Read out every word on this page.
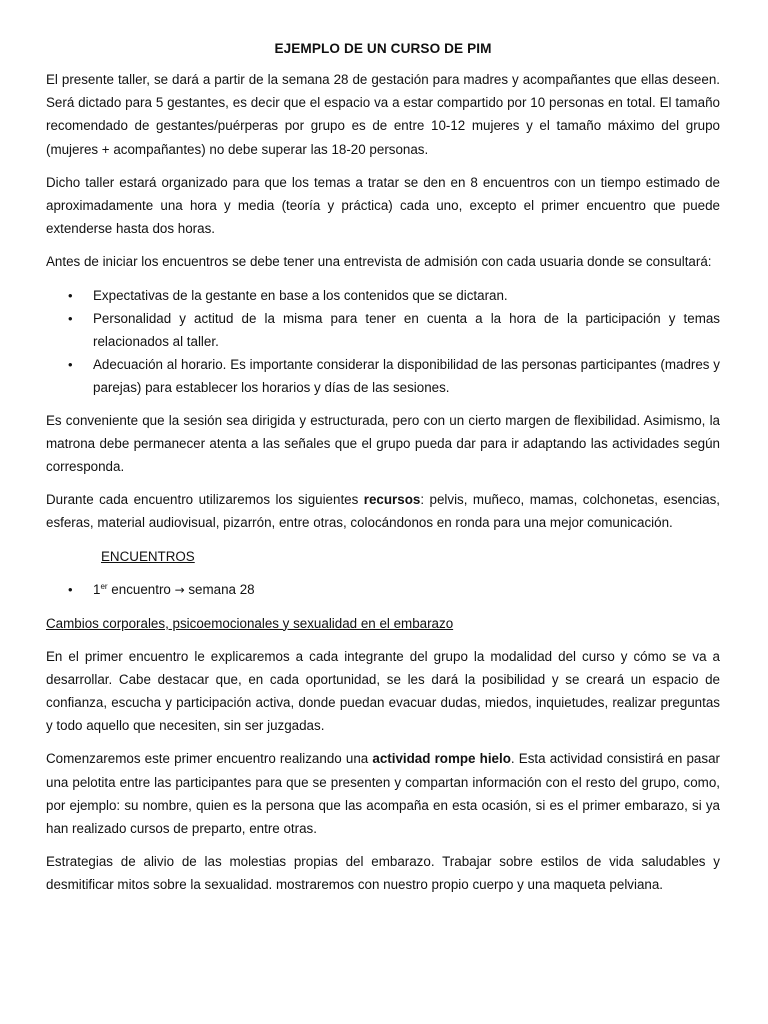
EJEMPLO DE UN CURSO DE PIM

El presente taller, se dará a partir de la semana 28 de gestación para madres y acompañantes que ellas deseen. Será dictado para 5 gestantes, es decir que el espacio va a estar compartido por 10 personas en total. El tamaño recomendado de gestantes/puérperas por grupo es de entre 10-12 mujeres y el tamaño máximo del grupo (mujeres + acompañantes) no debe superar las 18-20 personas.

Dicho taller estará organizado para que los temas a tratar se den en 8 encuentros con un tiempo estimado de aproximadamente una hora y media (teoría y práctica) cada uno, excepto el primer encuentro que puede extenderse hasta dos horas.

Antes de iniciar los encuentros se debe tener una entrevista de admisión con cada usuaria donde se consultará:

• Expectativas de la gestante en base a los contenidos que se dictaran.
• Personalidad y actitud de la misma para tener en cuenta a la hora de la participación y temas relacionados al taller.
• Adecuación al horario. Es importante considerar la disponibilidad de las personas participantes (madres y parejas) para establecer los horarios y días de las sesiones.

Es conveniente que la sesión sea dirigida y estructurada, pero con un cierto margen de flexibilidad. Asimismo, la matrona debe permanecer atenta a las señales que el grupo pueda dar para ir adaptando las actividades según corresponda.

Durante cada encuentro utilizaremos los siguientes recursos: pelvis, muñeco, mamas, colchonetas, esencias, esferas, material audiovisual, pizarrón, entre otras, colocándonos en ronda para una mejor comunicación.

ENCUENTROS
• 1er encuentro → semana 28
Cambios corporales, psicoemocionales y sexualidad en el embarazo

En el primer encuentro le explicaremos a cada integrante del grupo la modalidad del curso y cómo se va a desarrollar. Cabe destacar que, en cada oportunidad, se les dará la posibilidad y se creará un espacio de confianza, escucha y participación activa, donde puedan evacuar dudas, miedos, inquietudes, realizar preguntas y todo aquello que necesiten, sin ser juzgadas.

Comenzaremos este primer encuentro realizando una actividad rompe hielo. Esta actividad consistirá en pasar una pelotita entre las participantes para que se presenten y compartan información con el resto del grupo, como, por ejemplo: su nombre, quien es la persona que las acompaña en esta ocasión, si es el primer embarazo, si ya han realizado cursos de preparto, entre otras.

Estrategias de alivio de las molestias propias del embarazo. Trabajar sobre estilos de vida saludables y desmitificar mitos sobre la sexualidad. mostraremos con nuestro propio cuerpo y una maqueta pelviana.
